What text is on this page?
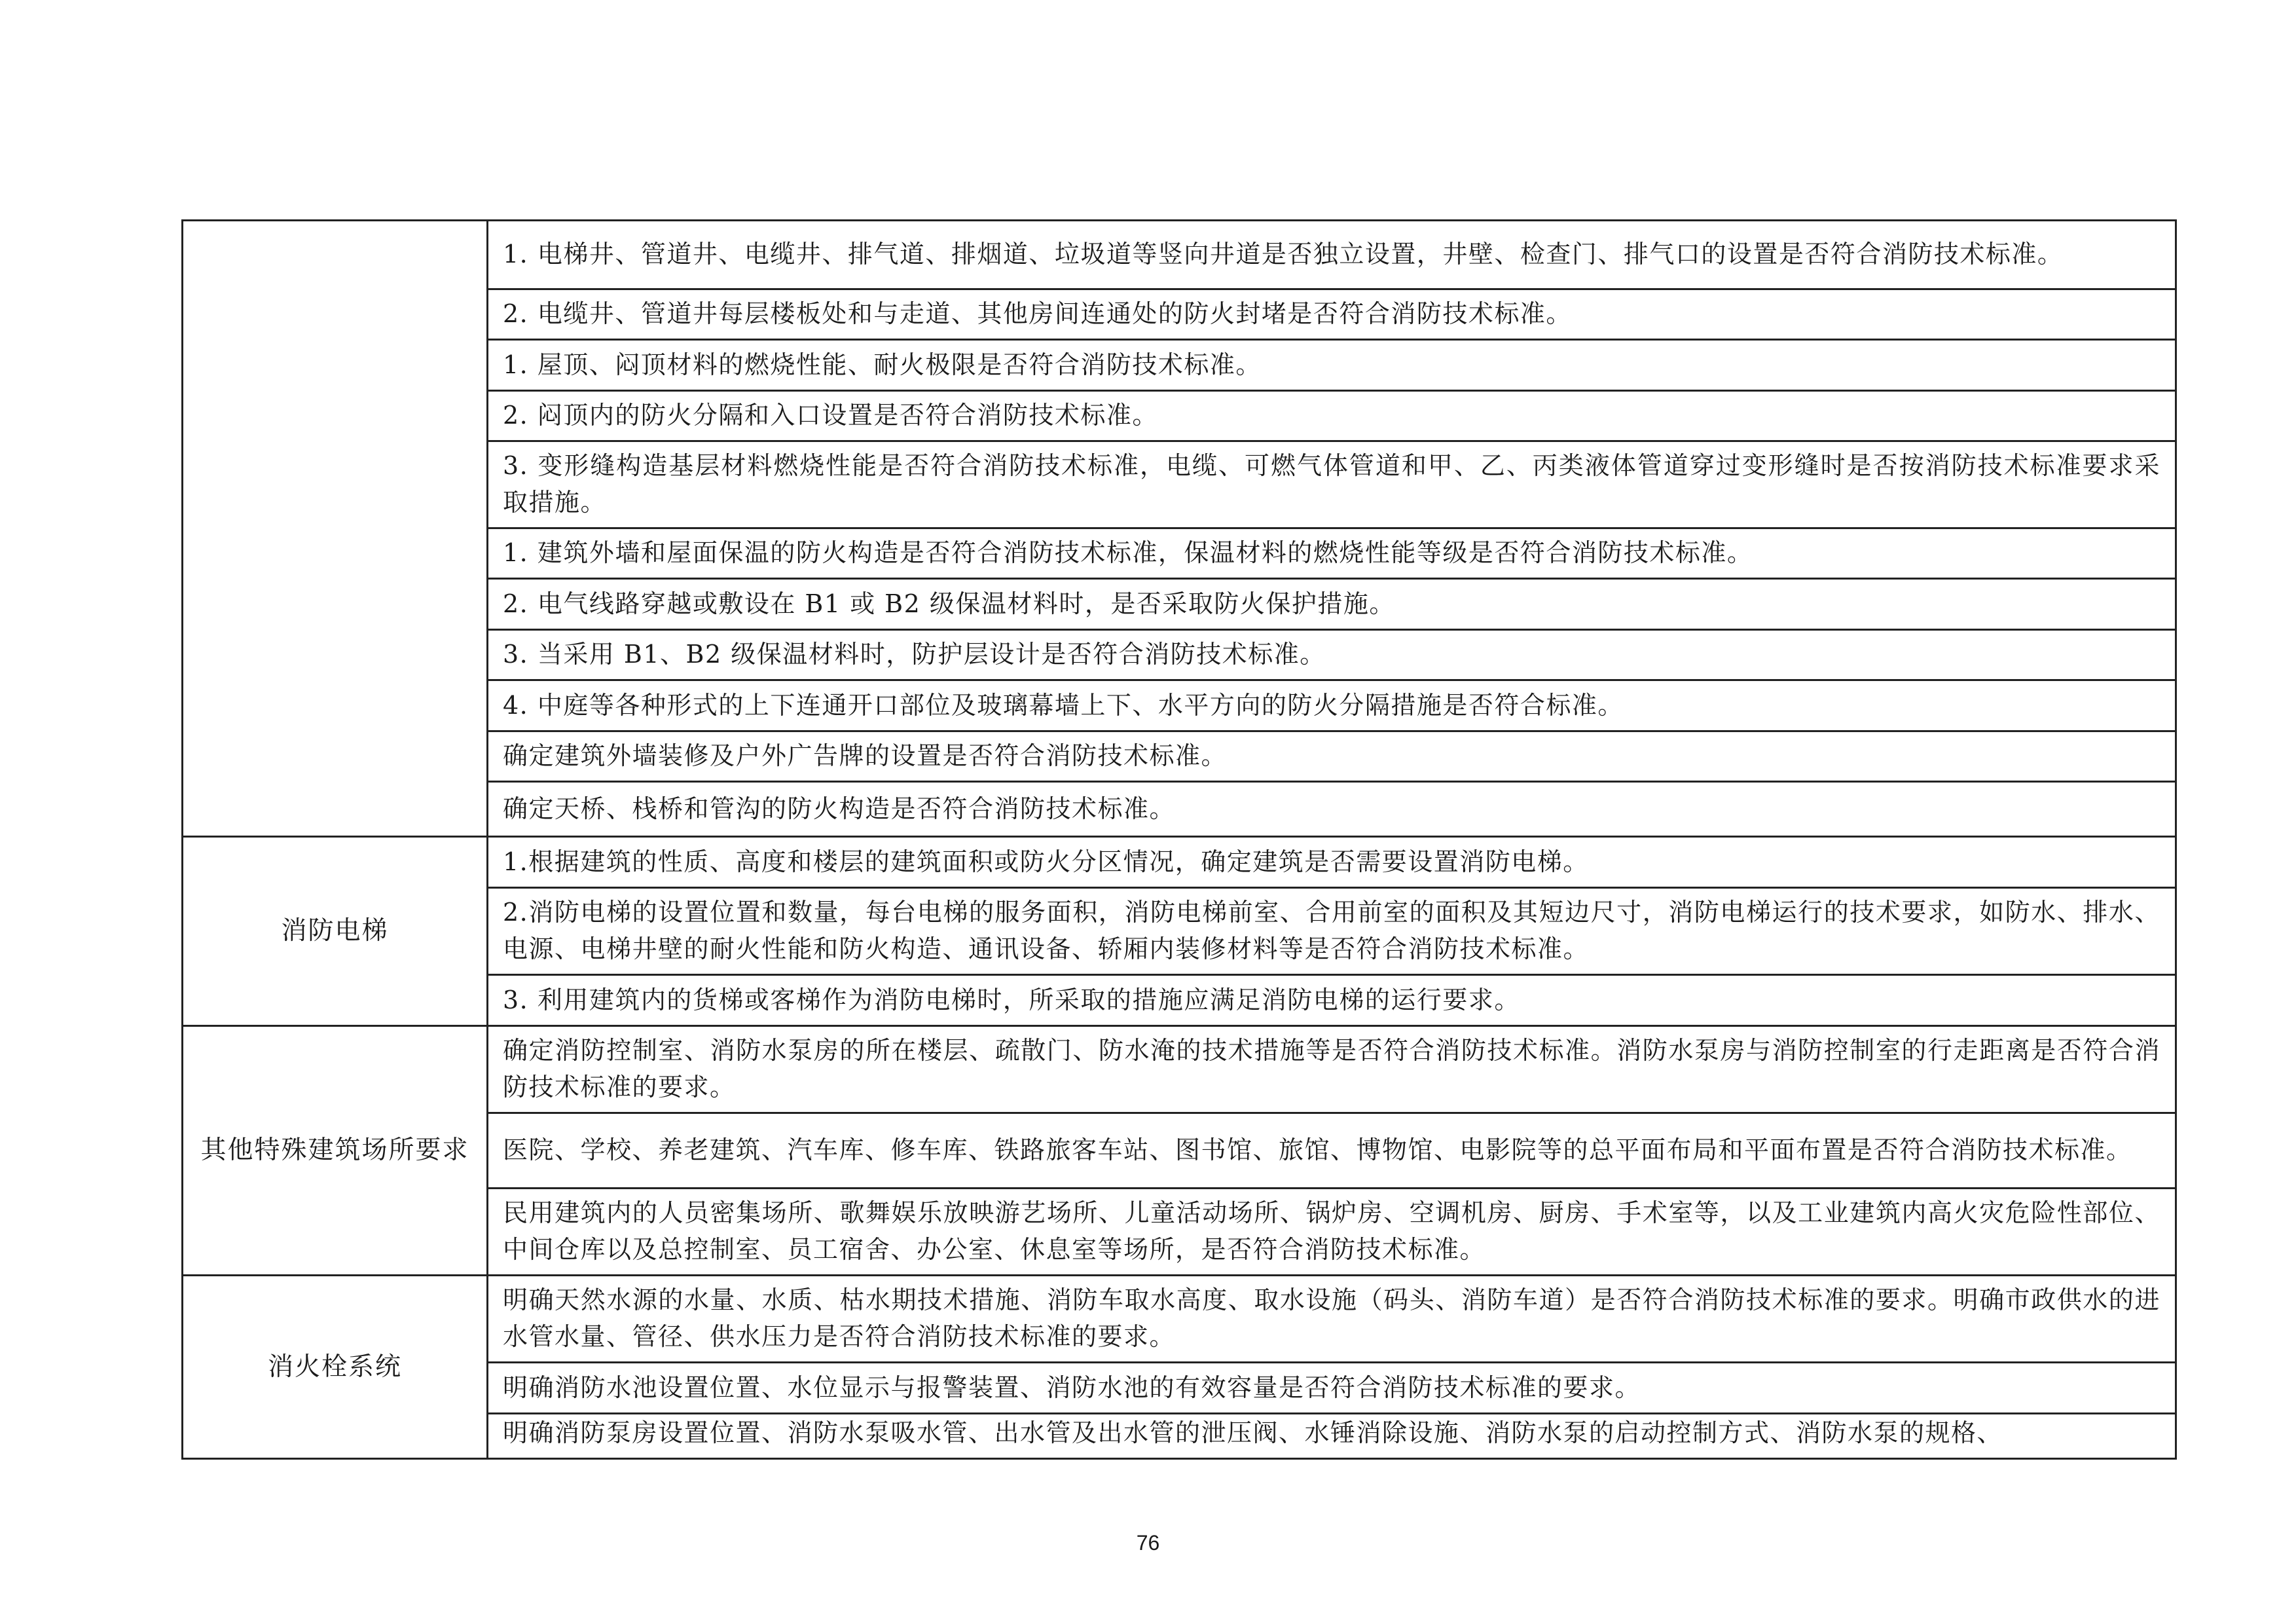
	1. 电梯井、管道井、电缆井、排气道、排烟道、垃圾道等竖向井道是否独立设置，井壁、检查门、排气口的设置是否符合消防技术标准。
	2. 电缆井、管道井每层楼板处和与走道、其他房间连通处的防火封堵是否符合消防技术标准。
	1. 屋顶、闷顶材料的燃烧性能、耐火极限是否符合消防技术标准。
	2. 闷顶内的防火分隔和入口设置是否符合消防技术标准。
	3. 变形缝构造基层材料燃烧性能是否符合消防技术标准，电缆、可燃气体管道和甲、乙、丙类液体管道穿过变形缝时是否按消防技术标准要求采取措施。
	1. 建筑外墙和屋面保温的防火构造是否符合消防技术标准，保温材料的燃烧性能等级是否符合消防技术标准。
	2. 电气线路穿越或敷设在 B1 或 B2 级保温材料时，是否采取防火保护措施。
	3. 当采用 B1、B2 级保温材料时，防护层设计是否符合消防技术标准。
	4. 中庭等各种形式的上下连通开口部位及玻璃幕墙上下、水平方向的防火分隔措施是否符合标准。
	确定建筑外墙装修及户外广告牌的设置是否符合消防技术标准。
	确定天桥、栈桥和管沟的防火构造是否符合消防技术标准。
消防电梯	1.根据建筑的性质、高度和楼层的建筑面积或防火分区情况，确定建筑是否需要设置消防电梯。
	2.消防电梯的设置位置和数量，每台电梯的服务面积，消防电梯前室、合用前室的面积及其短边尺寸，消防电梯运行的技术要求，如防水、排水、电源、电梯井壁的耐火性能和防火构造、通讯设备、轿厢内装修材料等是否符合消防技术标准。
	3. 利用建筑内的货梯或客梯作为消防电梯时，所采取的措施应满足消防电梯的运行要求。
其他特殊建筑场所要求	确定消防控制室、消防水泵房的所在楼层、疏散门、防水淹的技术措施等是否符合消防技术标准。消防水泵房与消防控制室的行走距离是否符合消防技术标准的要求。
	医院、学校、养老建筑、汽车库、修车库、铁路旅客车站、图书馆、旅馆、博物馆、电影院等的总平面布局和平面布置是否符合消防技术标准。
	民用建筑内的人员密集场所、歌舞娱乐放映游艺场所、儿童活动场所、锅炉房、空调机房、厨房、手术室等，以及工业建筑内高火灾危险性部位、中间仓库以及总控制室、员工宿舍、办公室、休息室等场所，是否符合消防技术标准。
消火栓系统	明确天然水源的水量、水质、枯水期技术措施、消防车取水高度、取水设施（码头、消防车道）是否符合消防技术标准的要求。明确市政供水的进水管水量、管径、供水压力是否符合消防技术标准的要求。
	明确消防水池设置位置、水位显示与报警装置、消防水池的有效容量是否符合消防技术标准的要求。
	明确消防泵房设置位置、消防水泵吸水管、出水管及出水管的泄压阀、水锤消除设施、消防水泵的启动控制方式、消防水泵的规格、
76
